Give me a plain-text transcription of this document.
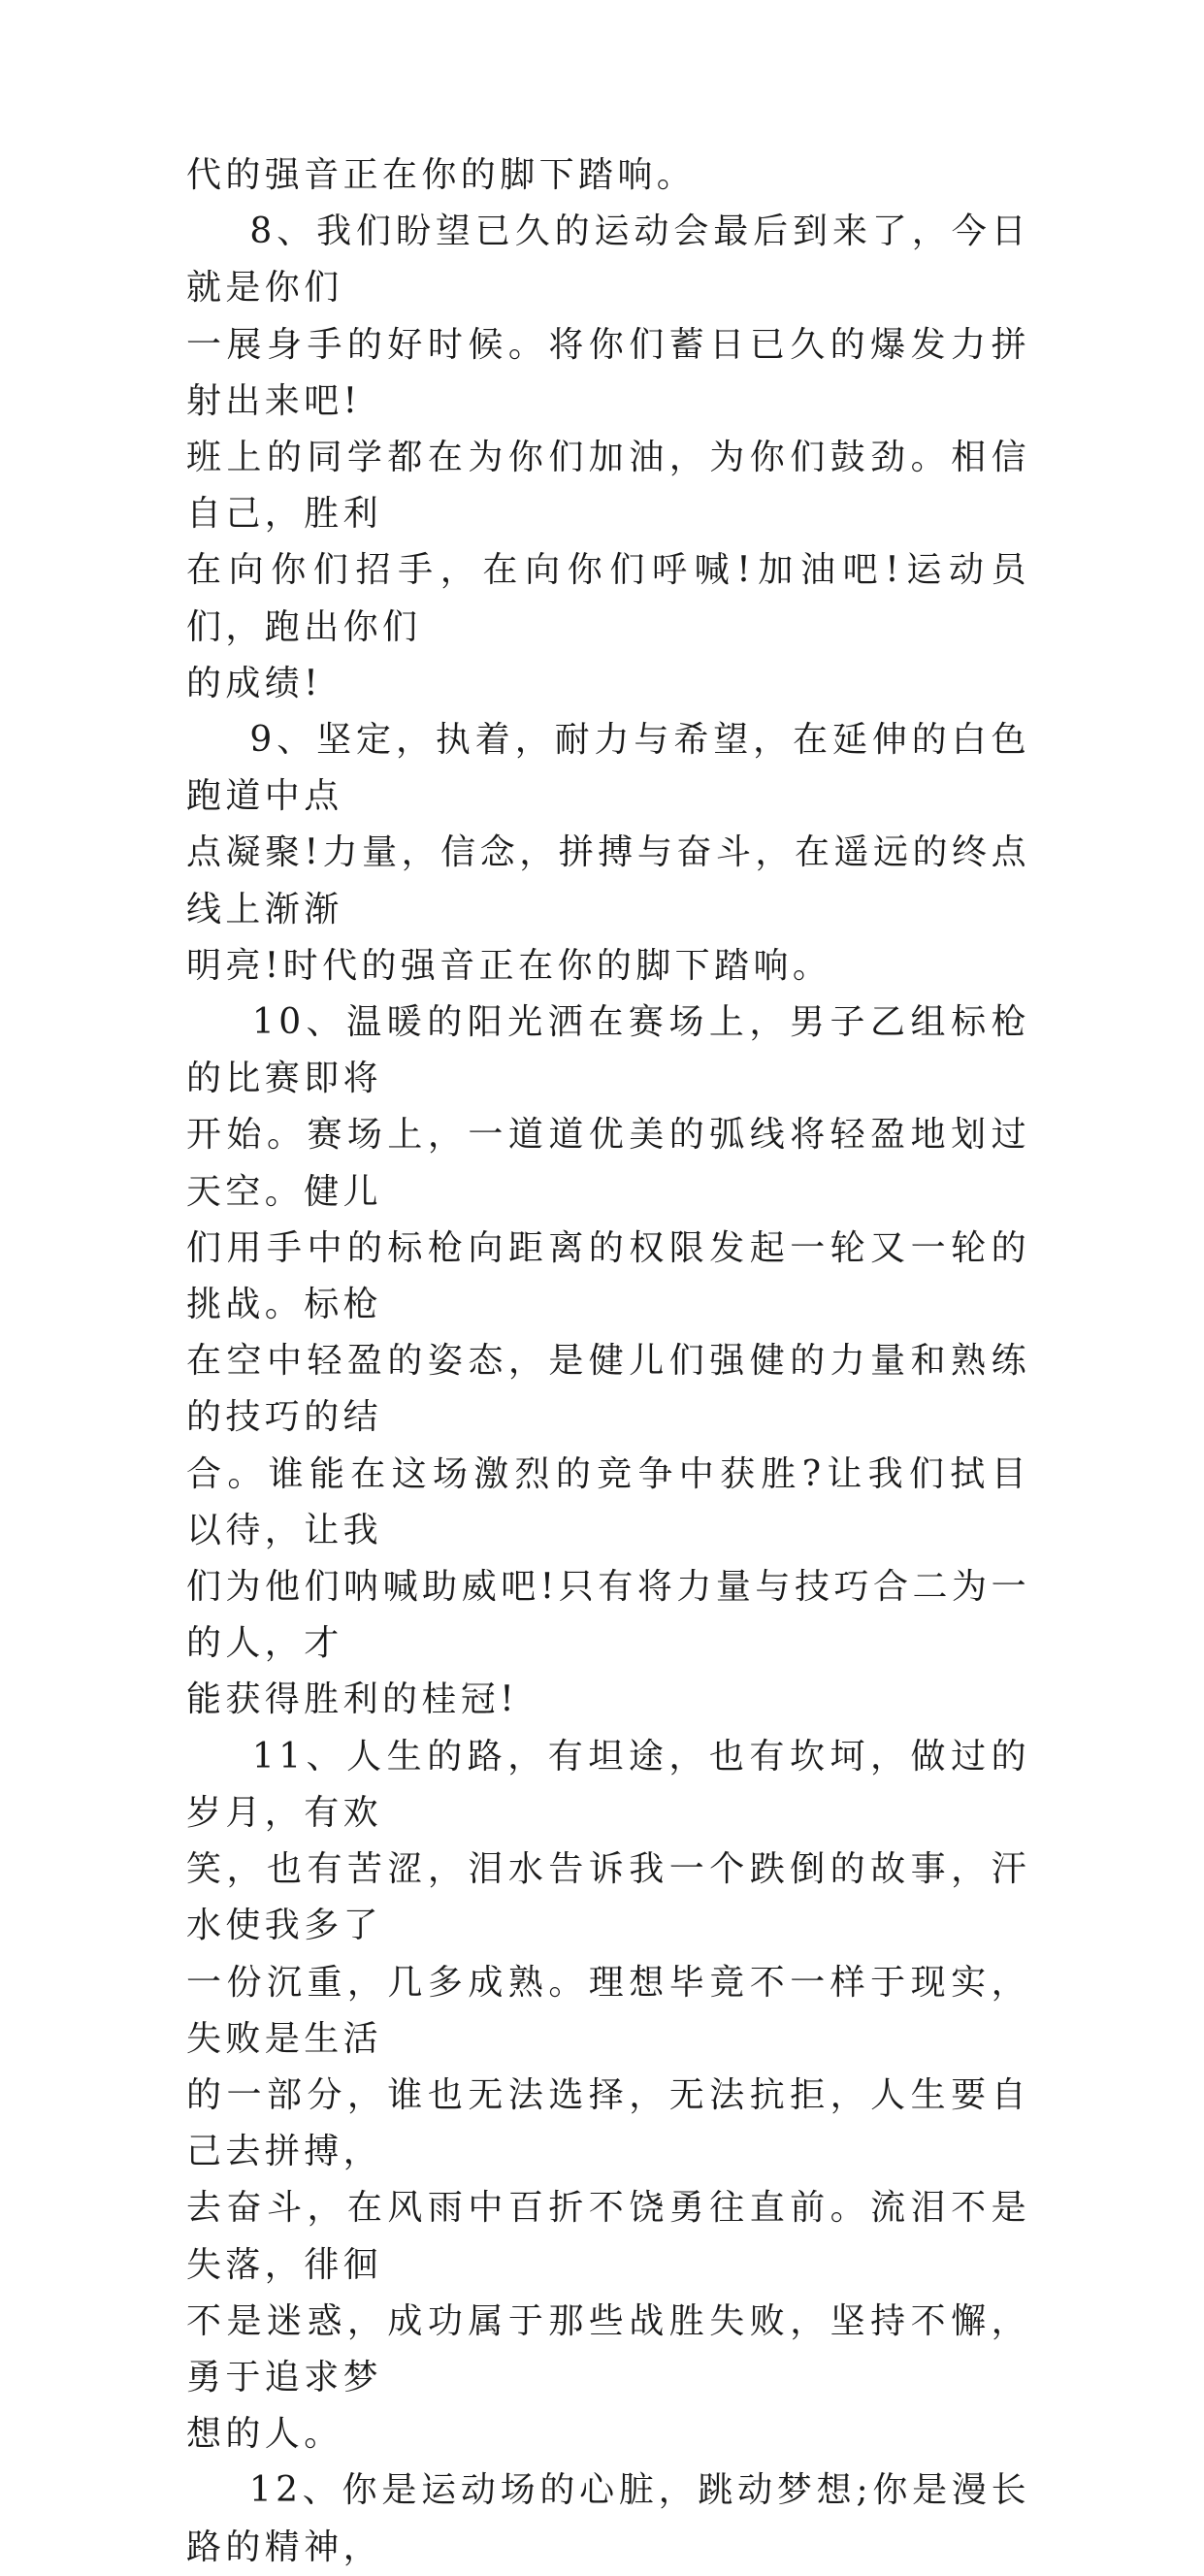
代的强音正在你的脚下踏响。

8、我们盼望已久的运动会最后到来了，今日就是你们
一展身手的好时候。将你们蓄日已久的爆发力拼射出来吧!
班上的同学都在为你们加油，为你们鼓劲。相信自己，胜利
在向你们招手，在向你们呼喊!加油吧!运动员们，跑出你们
的成绩!

9、坚定，执着，耐力与希望，在延伸的白色跑道中点
点凝聚!力量，信念，拼搏与奋斗，在遥远的终点线上渐渐
明亮!时代的强音正在你的脚下踏响。

10、温暖的阳光洒在赛场上，男子乙组标枪的比赛即将
开始。赛场上，一道道优美的弧线将轻盈地划过天空。健儿
们用手中的标枪向距离的权限发起一轮又一轮的挑战。标枪
在空中轻盈的姿态，是健儿们强健的力量和熟练的技巧的结
合。谁能在这场激烈的竞争中获胜?让我们拭目以待，让我
们为他们呐喊助威吧!只有将力量与技巧合二为一的人，才
能获得胜利的桂冠!

11、人生的路，有坦途，也有坎坷，做过的岁月，有欢
笑，也有苦涩，泪水告诉我一个跌倒的故事，汗水使我多了
一份沉重，几多成熟。理想毕竟不一样于现实，失败是生活
的一部分，谁也无法选择，无法抗拒，人生要自己去拼搏，
去奋斗，在风雨中百折不饶勇往直前。流泪不是失落，徘徊
不是迷惑，成功属于那些战胜失败，坚持不懈，勇于追求梦
想的人。

12、你是运动场的心脏，跳动梦想;你是漫长路的精神，
